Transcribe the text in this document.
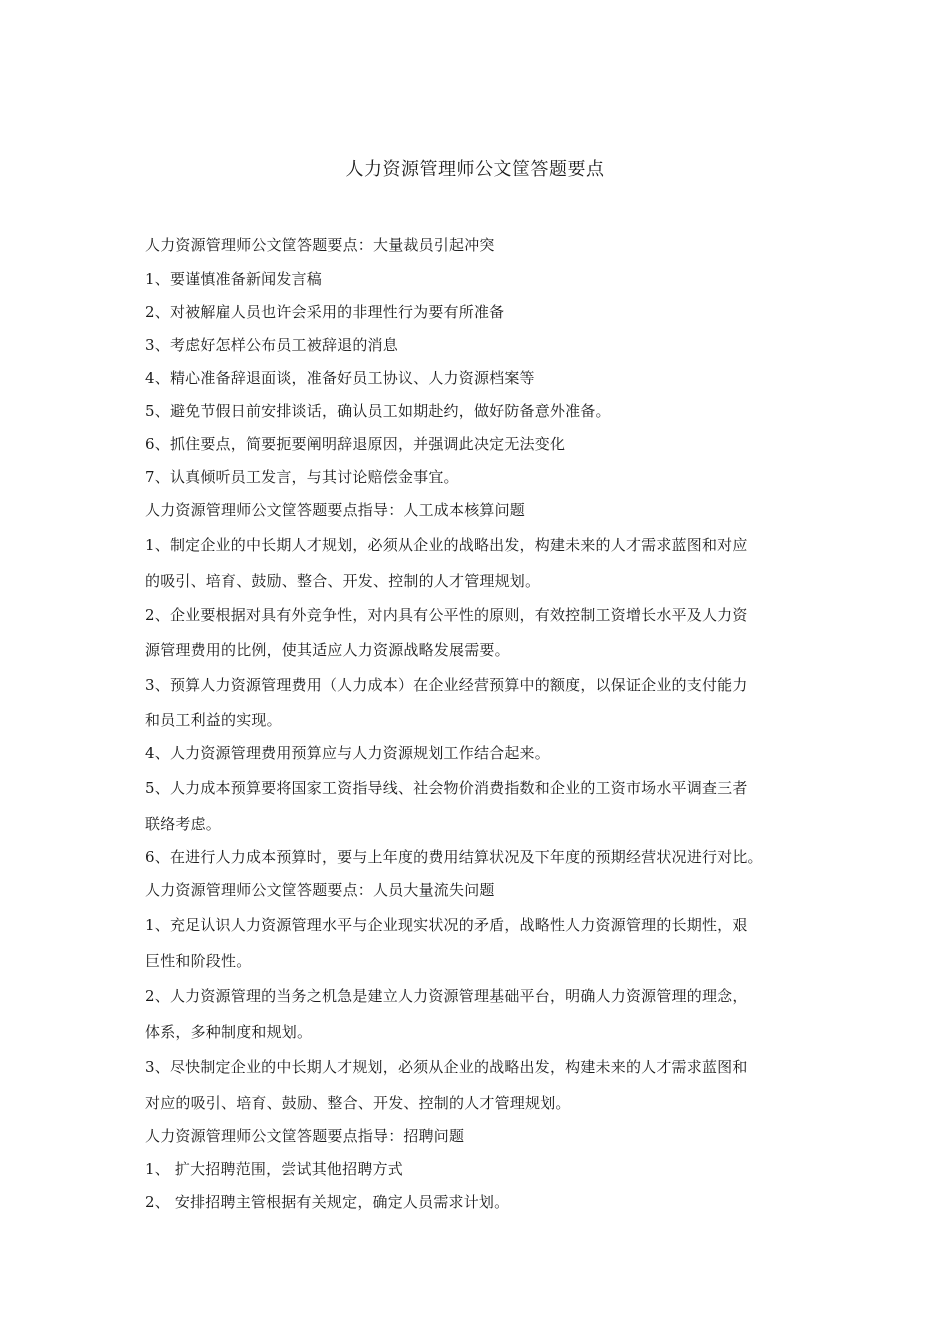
人力资源管理师公文筐答题要点
人力资源管理师公文筐答题要点：大量裁员引起冲突
1、要谨慎准备新闻发言稿
2、对被解雇人员也许会采用的非理性行为要有所准备
3、考虑好怎样公布员工被辞退的消息
4、精心准备辞退面谈，准备好员工协议、人力资源档案等
5、避免节假日前安排谈话，确认员工如期赴约，做好防备意外准备。
6、抓住要点，简要扼要阐明辞退原因，并强调此决定无法变化
7、认真倾听员工发言，与其讨论赔偿金事宜。
人力资源管理师公文筐答题要点指导：人工成本核算问题
1、制定企业的中长期人才规划，必须从企业的战略出发，构建未来的人才需求蓝图和对应
的吸引、培育、鼓励、整合、开发、控制的人才管理规划。
2、企业要根据对具有外竞争性，对内具有公平性的原则，有效控制工资增长水平及人力资
源管理费用的比例，使其适应人力资源战略发展需要。
3、预算人力资源管理费用（人力成本）在企业经营预算中的额度，以保证企业的支付能力
和员工利益的实现。
4、人力资源管理费用预算应与人力资源规划工作结合起来。
5、人力成本预算要将国家工资指导线、社会物价消费指数和企业的工资市场水平调查三者
联络考虑。
6、在进行人力成本预算时，要与上年度的费用结算状况及下年度的预期经营状况进行对比。
人力资源管理师公文筐答题要点：人员大量流失问题
1、充足认识人力资源管理水平与企业现实状况的矛盾，战略性人力资源管理的长期性，艰
巨性和阶段性。
2、人力资源管理的当务之机急是建立人力资源管理基础平台，明确人力资源管理的理念，
体系，多种制度和规划。
3、尽快制定企业的中长期人才规划，必须从企业的战略出发，构建未来的人才需求蓝图和
对应的吸引、培育、鼓励、整合、开发、控制的人才管理规划。
人力资源管理师公文筐答题要点指导：招聘问题
1、 扩大招聘范围，尝试其他招聘方式
2、 安排招聘主管根据有关规定，确定人员需求计划。
